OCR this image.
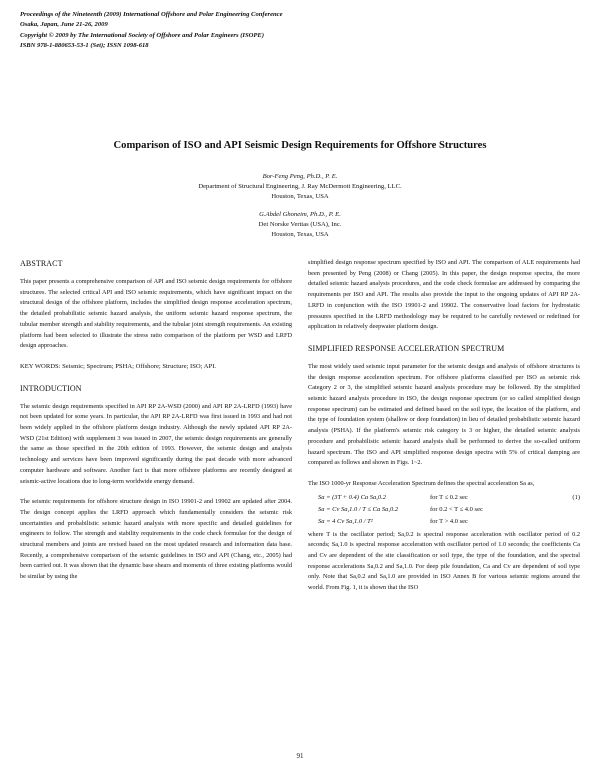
Proceedings of the Nineteenth (2009) International Offshore and Polar Engineering Conference
Osaka, Japan, June 21-26, 2009
Copyright © 2009 by The International Society of Offshore and Polar Engineers (ISOPE)
ISBN 978-1-880653-53-1 (Set); ISSN 1098-618
Comparison of ISO and API Seismic Design Requirements for Offshore Structures
Bor-Feng Peng, Ph.D., P. E.
Department of Structural Engineering, J. Ray McDermott Engineering, LLC.
Houston, Texas, USA
G.Abdel Ghoneim, Ph.D., P. E.
Det Norske Veritas (USA), Inc.
Houston, Texas, USA
ABSTRACT
This paper presents a comprehensive comparison of API and ISO seismic design requirements for offshore structures. The selected critical API and ISO seismic requirements, which have significant impact on the structural design of the offshore platform, includes the simplified design response acceleration spectrum, the detailed probabilistic seismic hazard analysis, the uniform seismic hazard response spectrum, the tubular member strength and stability requirements, and the tubular joint strength requirements. An existing platform had been selected to illustrate the stress ratio comparison of the platform per WSD and LRFD design approaches.
KEY WORDS: Seismic; Spectrum; PSHA; Offshore; Structure; ISO; API.
INTRODUCTION
The seismic design requirements specified in API RP 2A-WSD (2000) and API RP 2A-LRFD (1993) have not been updated for some years. In particular, the API RP 2A-LRFD was first issued in 1993 and had not been widely applied in the offshore platform design industry. Although the newly updated API RP 2A-WSD (21st Edition) with supplement 3 was issued in 2007, the seismic design requirements are generally the same as those specified in the 20th edition of 1993. However, the seismic design and analysis technology and services have been improved significantly during the past decade with more advanced computer hardware and software. Another fact is that more offshore platforms are recently designed at seismic-active locations due to long-term worldwide energy demand.
The seismic requirements for offshore structure design in ISO 19901-2 and 19902 are updated after 2004. The design concept applies the LRFD approach which fundamentally considers the seismic risk uncertainties and probabilistic seismic hazard analysis with more specific and detailed guidelines for engineers to follow. The strength and stability requirements in the code check formulae for the design of structural members and joints are revised based on the most updated research and information data base. Recently, a comprehensive comparison of the seismic guidelines in ISO and API (Chang, etc., 2005) had been carried out. It was shown that the dynamic base shears and moments of three existing platforms would be similar by using the
simplified design response spectrum specified by ISO and API. The comparison of ALE requirements had been presented by Peng (2008) or Chang (2005). In this paper, the design response spectra, the more detailed seismic hazard analysis procedures, and the code check formulae are addressed by comparing the requirements per ISO and API. The results also provide the input to the ongoing updates of API RP 2A-LRFD in conjunction with the ISO 19901-2 and 19902. The conservative load factors for hydrostatic pressures specified in the LRFD methodology may be required to be carefully reviewed or redefined for application in relatively deepwater platform design.
SIMPLIFIED RESPONSE ACCELERATION SPECTRUM
The most widely used seismic input parameter for the seismic design and analysis of offshore structures is the design response acceleration spectrum. For offshore platforms classified per ISO as seismic risk Category 2 or 3, the simplified seismic hazard analysis procedure may be followed. By the simplified seismic hazard analysis procedure in ISO, the design response spectrum (or so called simplified design response spectrum) can be estimated and defined based on the soil type, the location of the platform, and the type of foundation system (shallow or deep foundation) in lieu of detailed probabilistic seismic hazard analysis (PSHA). If the platform's seismic risk category is 3 or higher, the detailed seismic analysis procedure and probabilistic seismic hazard analysis shall be performed to derive the so-called uniform hazard spectrum. The ISO and API simplified response design spectra with 5% of critical damping are compared as follows and shown in Figs. 1~2.
The ISO 1000-yr Response Acceleration Spectrum defines the spectral acceleration Sa as,
Sa = (3T + 0.4) Ca Sa,0.2	for T ≤ 0.2 sec	(1)
Sa = Cv Sa,1.0 / T ≤ Ca Sa,0.2	for 0.2 < T ≤ 4.0 sec
Sa = 4 Cv Sa,1.0 / T²	for T > 4.0 sec
where T is the oscillator period; Sa,0.2 is spectral response acceleration with oscillator period of 0.2 seconds; Sa,1.0 is spectral response acceleration with oscillator period of 1.0 seconds; the coefficients Ca and Cv are dependent of the site classification or soil type, the type of the foundation, and the spectral response accelerations Sa,0.2 and Sa,1.0. For deep pile foundation, Ca and Cv are dependent of soil type only. Note that Sa,0.2 and Sa,1.0 are provided in ISO Annex B for various seismic regions around the world. From Fig. 1, it is shown that the ISO
91
